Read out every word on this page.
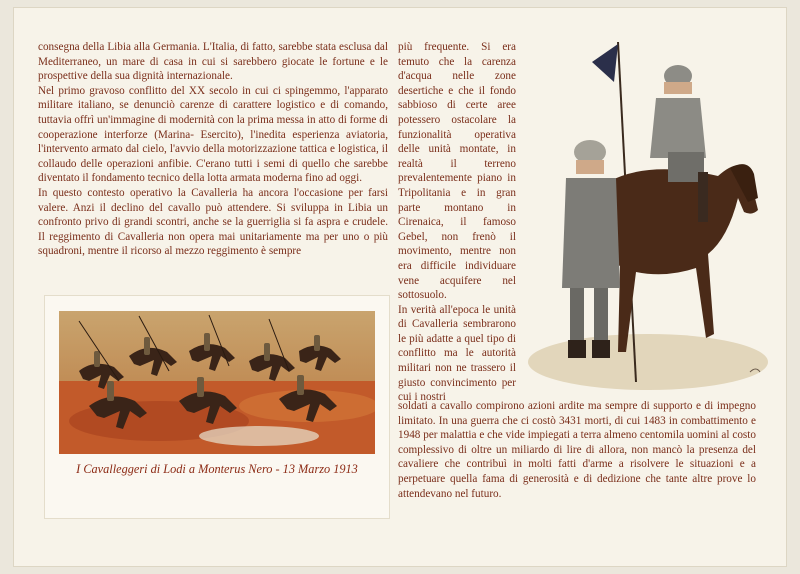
consegna della Libia alla Germania. L'Italia, di fatto, sarebbe stata esclusa dal Mediterraneo, un mare di casa in cui si sarebbero giocate le fortune e le prospettive della sua dignità internazionale.

Nel primo gravoso conflitto del XX secolo in cui ci spingemmo, l'apparato militare italiano, se denunciò carenze di carattere logistico e di comando, tuttavia offrì un'immagine di modernità con la prima messa in atto di forme di cooperazione interforze (Marina- Esercito), l'inedita esperienza aviatoria, l'intervento armato dal cielo, l'avvio della motorizzazione tattica e logistica, il collaudo delle operazioni anfibie. C'erano tutti i semi di quello che sarebbe diventato il fondamento tecnico della lotta armata moderna fino ad oggi.

In questo contesto operativo la Cavalleria ha ancora l'occasione per farsi valere. Anzi il declino del cavallo può attendere. Si sviluppa in Libia un confronto privo di grandi scontri, anche se la guerriglia si fa aspra e crudele. Il reggimento di Cavalleria non opera mai unitariamente ma per uno o più squadroni, mentre il ricorso al mezzo reggimento è sempre

I Cavalleggeri di Lodi a Monterus Nero - 13 Marzo 1913

più frequente. Si era temuto che la carenza d'acqua nelle zone desertiche e che il fondo sabbioso di certe aree potessero ostacolare la funzionalità operativa delle unità montate, in realtà il terreno prevalentemente piano in Tripolitania e in gran parte montano in Cirenaica, il famoso Gebel, non frenò il movimento, mentre non era difficile individuare vene acquifere nel sottosuolo.

In verità all'epoca le unità di Cavalleria sembrarono le più adatte a quel tipo di conflitto ma le autorità militari non ne trassero il giusto convincimento per cui i nostri

soldati a cavallo compirono azioni ardite ma sempre di supporto e di impegno limitato. In una guerra che ci costò 3431 morti, di cui 1483 in combattimento e 1948 per malattia e che vide impiegati a terra almeno centomila uomini al costo complessivo di oltre un miliardo di lire di allora, non mancò la presenza del cavaliere che contribuì in molti fatti d'arme a risolvere le situazioni e a perpetuare quella fama di generosità e di dedizione che tante altre prove lo attendevano nel futuro.
